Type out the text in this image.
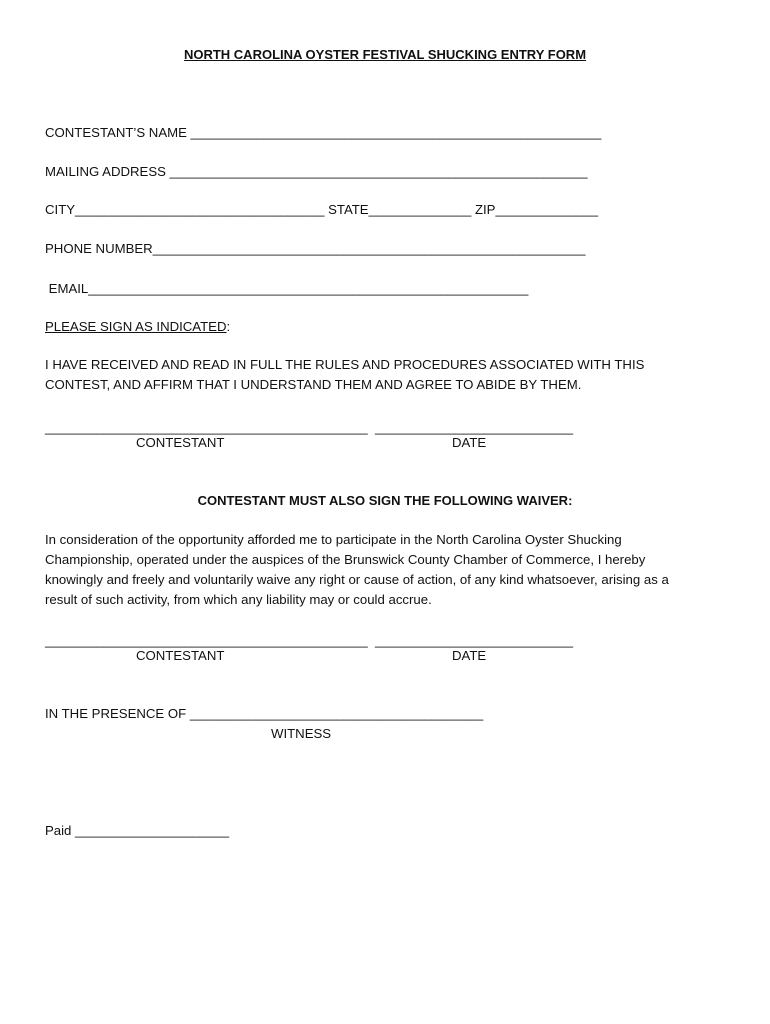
NORTH CAROLINA OYSTER FESTIVAL SHUCKING ENTRY FORM
CONTESTANT’S NAME ________________________________________________________
MAILING ADDRESS _________________________________________________________
CITY__________________________________ STATE______________ ZIP______________
PHONE NUMBER___________________________________________________________
EMAIL____________________________________________________________
PLEASE SIGN AS INDICATED:
I HAVE RECEIVED AND READ IN FULL THE RULES AND PROCEDURES ASSOCIATED WITH THIS
CONTEST, AND AFFIRM THAT I UNDERSTAND THEM AND AGREE TO ABIDE BY THEM.
____________________________________________  ___________________________
CONTESTANT	DATE
CONTESTANT MUST ALSO SIGN THE FOLLOWING WAIVER:
In consideration of the opportunity afforded me to participate in the North Carolina Oyster Shucking
Championship, operated under the auspices of the Brunswick County Chamber of Commerce, I hereby
knowingly and freely and voluntarily waive any right or cause of action, of any kind whatsoever, arising as a
result of such activity, from which any liability may or could accrue.
____________________________________________  ___________________________
CONTESTANT	DATE
IN THE PRESENCE OF ________________________________________
WITNESS
Paid _____________________
